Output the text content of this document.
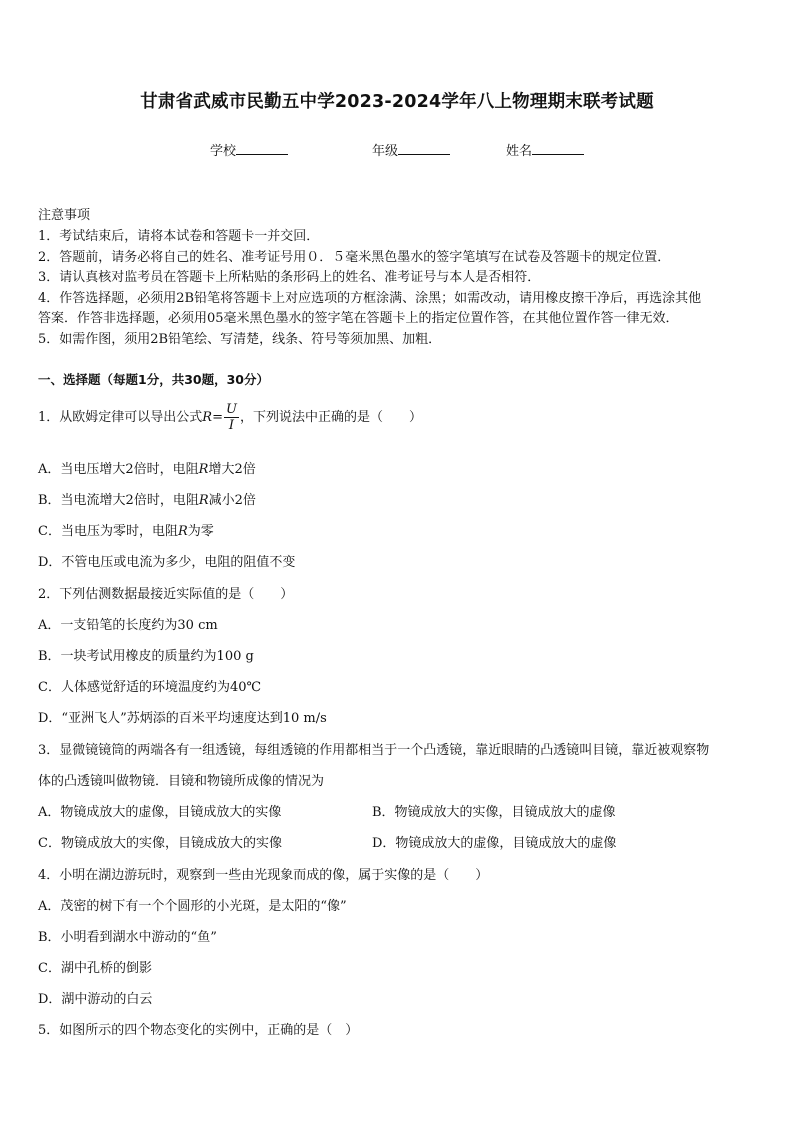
甘肃省武威市民勤五中学2023-2024学年八上物理期末联考试题
学校	年级	姓名
注意事项
1．考试结束后，请将本试卷和答题卡一并交回．
2．答题前，请务必将自己的姓名、准考证号用０．５毫米黑色墨水的签字笔填写在试卷及答题卡的规定位置．
3．请认真核对监考员在答题卡上所粘贴的条形码上的姓名、准考证号与本人是否相符．
4．作答选择题，必须用2B铅笔将答题卡上对应选项的方框涂满、涂黑；如需改动，请用橡皮擦干净后，再选涂其他
答案．作答非选择题，必须用05毫米黑色墨水的签字笔在答题卡上的指定位置作答，在其他位置作答一律无效．
5．如需作图，须用2B铅笔绘、写清楚，线条、符号等须加黑、加粗．
一、选择题（每题1分，共30题，30分）
1．从欧姆定律可以导出公式$R= \frac{U}{I}$ ，下列说法中正确的是（　　）
A．当电压增大2倍时，电阻R增大2倍
B．当电流增大2倍时，电阻R减小2倍
C．当电压为零时，电阻R为零
D．不管电压或电流为多少，电阻的阻值不变
2．下列估测数据最接近实际值的是（　　）
A．一支铅笔的长度约为30 cm
B．一块考试用橡皮的质量约为100 g
C．人体感觉舒适的环境温度约为40℃
D．“亚洲飞人”苏炳添的百米平均速度达到10 m/s
3．显微镜镜筒的两端各有一组透镜，每组透镜的作用都相当于一个凸透镜，靠近眼睛的凸透镜叫目镜，靠近被观察物
体的凸透镜叫做物镜．目镜和物镜所成像的情况为
A．物镜成放大的虚像，目镜成放大的实像	B．物镜成放大的实像，目镜成放大的虚像
C．物镜成放大的实像，目镜成放大的实像	D．物镜成放大的虚像，目镜成放大的虚像
4．小明在湖边游玩时，观察到一些由光现象而成的像，属于实像的是（　　）
A．茂密的树下有一个个圆形的小光斑，是太阳的“像”
B．小明看到湖水中游动的“鱼”
C．湖中孔桥的倒影
D．湖中游动的白云
5．如图所示的四个物态变化的实例中，正确的是（　）
